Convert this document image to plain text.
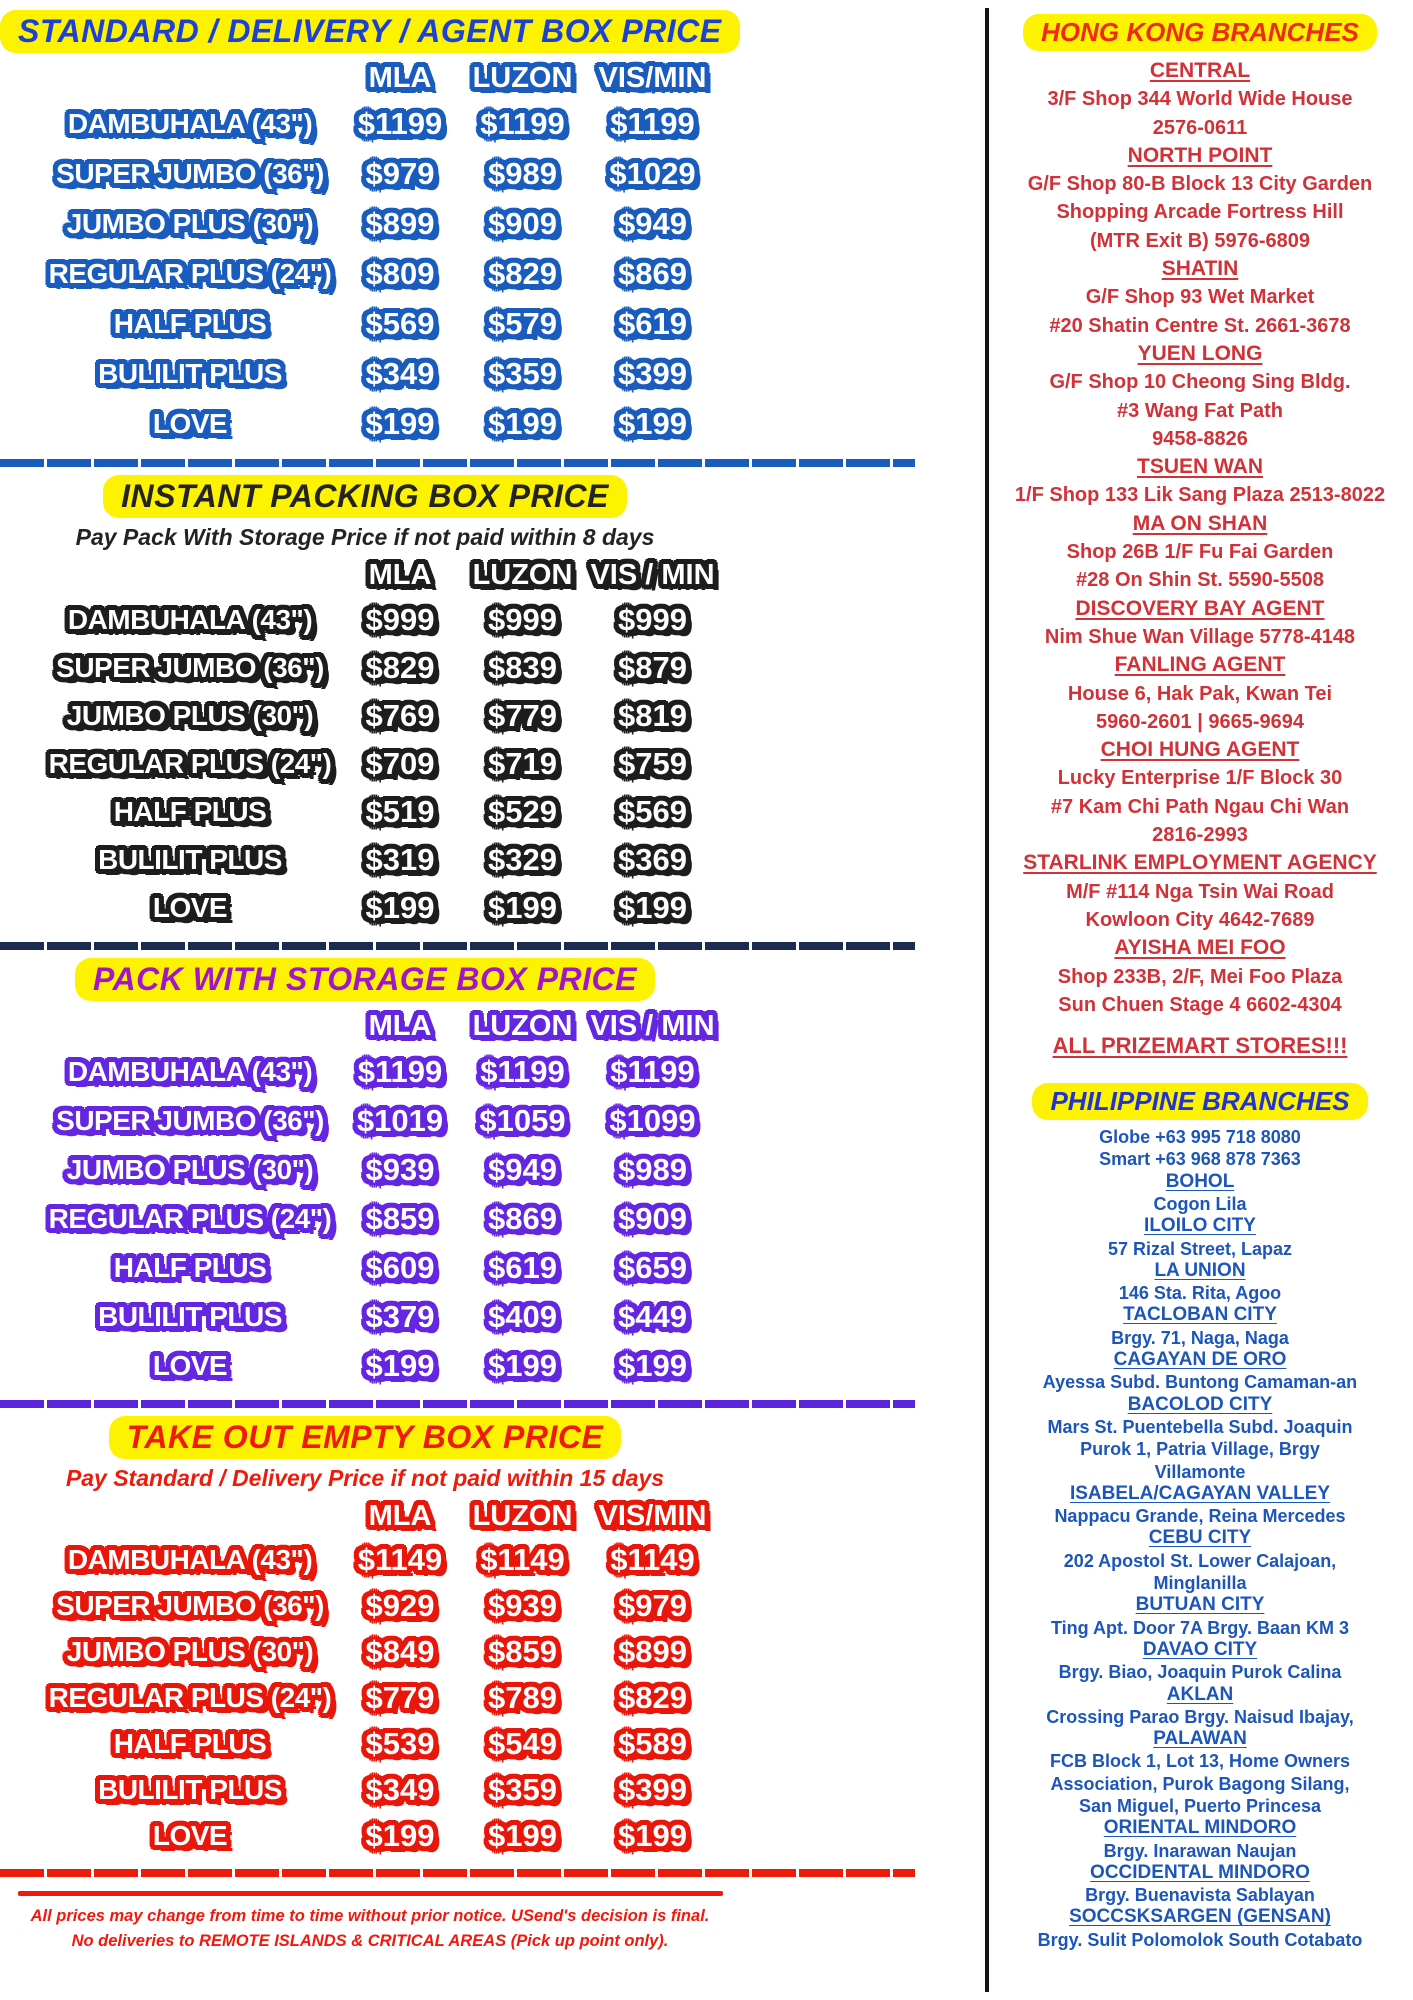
STANDARD / DELIVERY / AGENT BOX PRICE
MLA	LUZON VIS/MIN
DAMBUHALA (43")	$1199	$1199	$1199
SUPER JUMBO (36")	$979	$989	$1029
JUMBO PLUS (30")	$899	$909	$949
REGULAR PLUS (24")	$809	$829	$869
HALF PLUS	$569	$579	$619
BULILIT PLUS	$349	$359	$399
LOVE	$199	$199	$199
INSTANT PACKING BOX PRICE
Pay Pack With Storage Price if not paid within 8 days
MLA	LUZON VIS / MIN
DAMBUHALA (43")	$999	$999	$999
SUPER JUMBO (36")	$829	$839	$879
JUMBO PLUS (30")	$769	$779	$819
REGULAR PLUS (24")	$709	$719	$759
HALF PLUS	$519	$529	$569
BULILIT PLUS	$319	$329	$369
LOVE	$199	$199	$199
PACK WITH STORAGE BOX PRICE
MLA	LUZON VIS / MIN
DAMBUHALA (43")	$1199	$1199	$1199
SUPER JUMBO (36")	$1019	$1059	$1099
JUMBO PLUS (30")	$939	$949	$989
REGULAR PLUS (24")	$859	$869	$909
HALF PLUS	$609	$619	$659
BULILIT PLUS	$379	$409	$449
LOVE	$199	$199	$199
TAKE OUT EMPTY BOX PRICE
Pay Standard / Delivery Price if not paid within 15 days
MLA	LUZON VIS/MIN
DAMBUHALA (43")	$1149	$1149	$1149
SUPER JUMBO (36")	$929	$939	$979
JUMBO PLUS (30")	$849	$859	$899
REGULAR PLUS (24")	$779	$789	$829
HALF PLUS	$539	$549	$589
BULILIT PLUS	$349	$359	$399
LOVE	$199	$199	$199
All prices may change from time to time without prior notice. USend's decision is final.
No deliveries to REMOTE ISLANDS & CRITICAL AREAS (Pick up point only).
HONG KONG BRANCHES
CENTRAL
3/F Shop 344 World Wide House
2576-0611
NORTH POINT
G/F Shop 80-B Block 13 City Garden
Shopping Arcade Fortress Hill
(MTR Exit B) 5976-6809
SHATIN
G/F Shop 93 Wet Market
#20 Shatin Centre St. 2661-3678
YUEN LONG
G/F Shop 10 Cheong Sing Bldg.
#3 Wang Fat Path
9458-8826
TSUEN WAN
1/F Shop 133 Lik Sang Plaza 2513-8022
MA ON SHAN
Shop 26B 1/F Fu Fai Garden
#28 On Shin St. 5590-5508
DISCOVERY BAY AGENT
Nim Shue Wan Village 5778-4148
FANLING AGENT
House 6, Hak Pak, Kwan Tei
5960-2601 | 9665-9694
CHOI HUNG AGENT
Lucky Enterprise 1/F Block 30
#7 Kam Chi Path Ngau Chi Wan
2816-2993
STARLINK EMPLOYMENT AGENCY
M/F #114 Nga Tsin Wai Road
Kowloon City 4642-7689
AYISHA MEI FOO
Shop 233B, 2/F, Mei Foo Plaza
Sun Chuen Stage 4 6602-4304
ALL PRIZEMART STORES!!!
PHILIPPINE BRANCHES
Globe +63 995 718 8080
Smart +63 968 878 7363
BOHOL
Cogon Lila
ILOILO CITY
57 Rizal Street, Lapaz
LA UNION
146 Sta. Rita, Agoo
TACLOBAN CITY
Brgy. 71, Naga, Naga
CAGAYAN DE ORO
Ayessa Subd. Buntong Camaman-an
BACOLOD CITY
Mars St. Puentebella Subd. Joaquin
Purok 1, Patria Village, Brgy
Villamonte
ISABELA/CAGAYAN VALLEY
Nappacu Grande, Reina Mercedes
CEBU CITY
202 Apostol St. Lower Calajoan,
Minglanilla
BUTUAN CITY
Ting Apt. Door 7A Brgy. Baan KM 3
DAVAO CITY
Brgy. Biao, Joaquin Purok Calina
AKLAN
Crossing Parao Brgy. Naisud Ibajay,
PALAWAN
FCB Block 1, Lot 13, Home Owners
Association, Purok Bagong Silang,
San Miguel, Puerto Princesa
ORIENTAL MINDORO
Brgy. Inarawan Naujan
OCCIDENTAL MINDORO
Brgy. Buenavista Sablayan
SOCCSKSARGEN (GENSAN)
Brgy. Sulit Polomolok South Cotabato
